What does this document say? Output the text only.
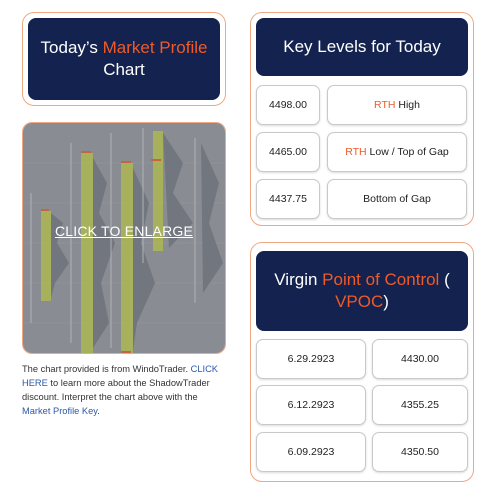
Today’s Market Profile
Chart
CLICK TO ENLARGE
The chart provided is from WindoTrader. CLICK HERE to learn more about the ShadowTrader discount. Interpret the chart above with the Market Profile Key.
Key Levels for Today
4498.00	RTH High
4465.00	RTH Low / Top of Gap
4437.75	Bottom of Gap
Virgin Point of Control (
VPOC)
6.29.2923	4430.00
6.12.2923	4355.25
6.09.2923	4350.50
